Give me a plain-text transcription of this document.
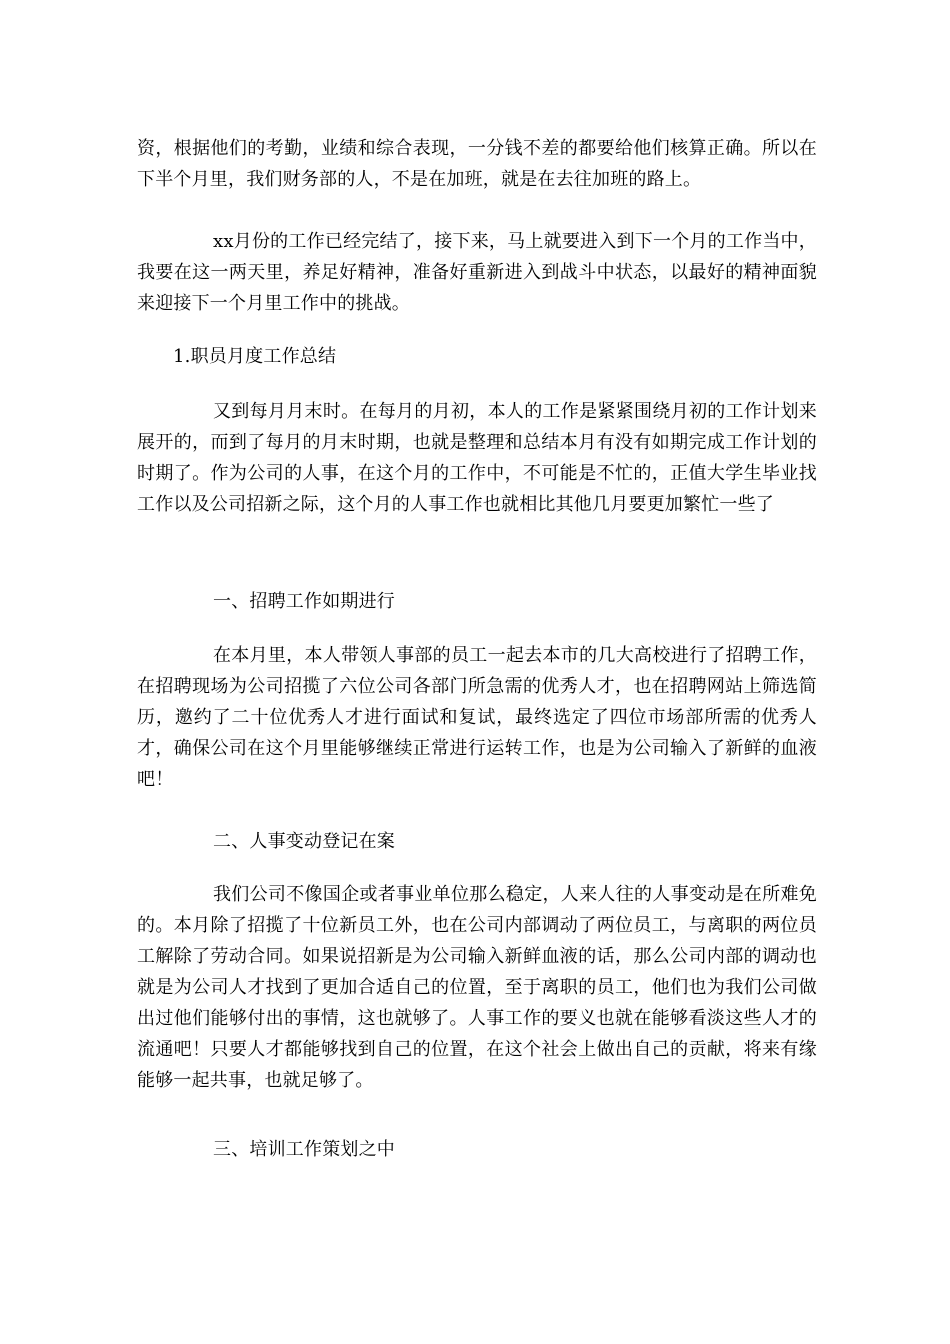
资，根据他们的考勤，业绩和综合表现，一分钱不差的都要给他们核算正确。所以在下半个月里，我们财务部的人，不是在加班，就是在去往加班的路上。

xx月份的工作已经完结了，接下来，马上就要进入到下一个月的工作当中，我要在这一两天里，养足好精神，准备好重新进入到战斗中状态，以最好的精神面貌来迎接下一个月里工作中的挑战。

1.职员月度工作总结

又到每月月末时。在每月的月初，本人的工作是紧紧围绕月初的工作计划来展开的，而到了每月的月末时期，也就是整理和总结本月有没有如期完成工作计划的时期了。作为公司的人事，在这个月的工作中，不可能是不忙的，正值大学生毕业找工作以及公司招新之际，这个月的人事工作也就相比其他几月要更加繁忙一些了

一、招聘工作如期进行

在本月里，本人带领人事部的员工一起去本市的几大高校进行了招聘工作，在招聘现场为公司招揽了六位公司各部门所急需的优秀人才，也在招聘网站上筛选简历，邀约了二十位优秀人才进行面试和复试，最终选定了四位市场部所需的优秀人才，确保公司在这个月里能够继续正常进行运转工作，也是为公司输入了新鲜的血液吧！

二、人事变动登记在案

我们公司不像国企或者事业单位那么稳定，人来人往的人事变动是在所难免的。本月除了招揽了十位新员工外，也在公司内部调动了两位员工，与离职的两位员工解除了劳动合同。如果说招新是为公司输入新鲜血液的话，那么公司内部的调动也就是为公司人才找到了更加合适自己的位置，至于离职的员工，他们也为我们公司做出过他们能够付出的事情，这也就够了。人事工作的要义也就在能够看淡这些人才的流通吧！只要人才都能够找到自己的位置，在这个社会上做出自己的贡献，将来有缘能够一起共事，也就足够了。

三、培训工作策划之中
